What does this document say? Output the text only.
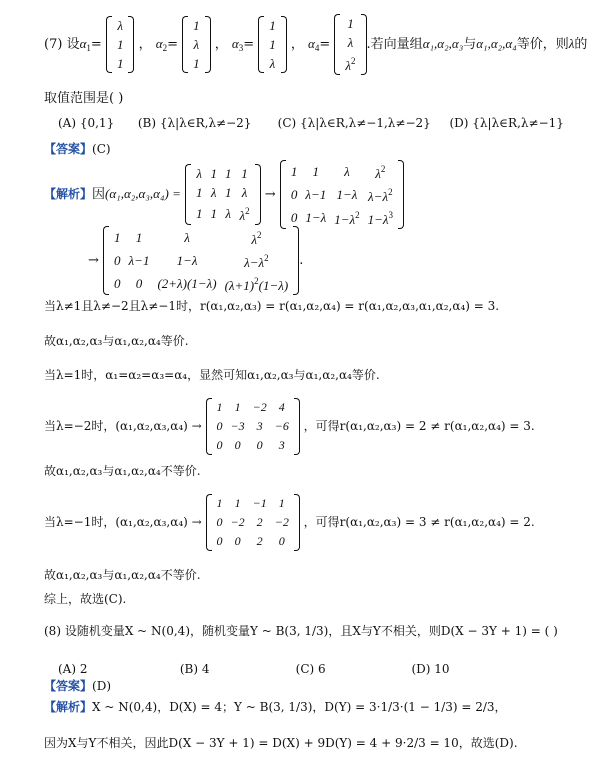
(7) 设$\alpha_1=$
λ
1
1
， $\alpha_2=$
1
λ
1
， $\alpha_3=$
1
1
λ
， $\alpha_4=$
1
λ
$\lambda^2$
.若向量组α₁,α₂,α₃与α₁,α₂,α₄等价，则λ的
取值范围是( )
(A) {0,1} (B) {λ|λ∈R,λ≠−2} (C) {λ|λ∈R,λ≠−1,λ≠−2} (D) {λ|λ∈R,λ≠−1}
【答案】(C)
【解析】因(α₁,α₂,α₃,α₄) =
λ	1	1	1
1	λ	1	λ
1	1	λ	$\lambda^2$
→
1	1	λ	$\lambda^2$
0	λ−1	1−λ	$\lambda-\lambda^2$
0	1−λ	$1-\lambda^2$	$1-\lambda^3$
→
1	1	λ	$\lambda^2$
0	λ−1	1−λ	$\lambda-\lambda^2$
0	0	(2+λ)(1−λ)	$(\lambda+1)^2(1-\lambda)$
.
当λ≠1且λ≠−2且λ≠−1时，r(α₁,α₂,α₃) = r(α₁,α₂,α₄) = r(α₁,α₂,α₃,α₁,α₂,α₄) = 3.
故α₁,α₂,α₃与α₁,α₂,α₄等价.
当λ=1时，α₁=α₂=α₃=α₄，显然可知α₁,α₂,α₃与α₁,α₂,α₄等价.
当λ=−2时，(α₁,α₂,α₃,α₄) →
1	1	−2	4
0	−3	3	−6
0	0	0	3
，可得r(α₁,α₂,α₃) = 2 ≠ r(α₁,α₂,α₄) = 3.
故α₁,α₂,α₃与α₁,α₂,α₄不等价.
当λ=−1时，(α₁,α₂,α₃,α₄) →
1	1	−1	1
0	−2	2	−2
0	0	2	0
，可得r(α₁,α₂,α₃) = 3 ≠ r(α₁,α₂,α₄) = 2.
故α₁,α₂,α₃与α₁,α₂,α₄不等价.
综上，故选(C).
(8) 设随机变量X ~ N(0,4)，随机变量Y ~ B(3, 1/3)，且X与Y不相关，则D(X − 3Y + 1) = ( )
(A) 2	(B) 4	(C) 6	(D) 10
【答案】(D)
【解析】X ~ N(0,4)，D(X) = 4；Y ~ B(3, 1/3)，D(Y) = 3·1/3·(1 − 1/3) = 2/3，
因为X与Y不相关，因此D(X − 3Y + 1) = D(X) + 9D(Y) = 4 + 9·2/3 = 10，故选(D).
